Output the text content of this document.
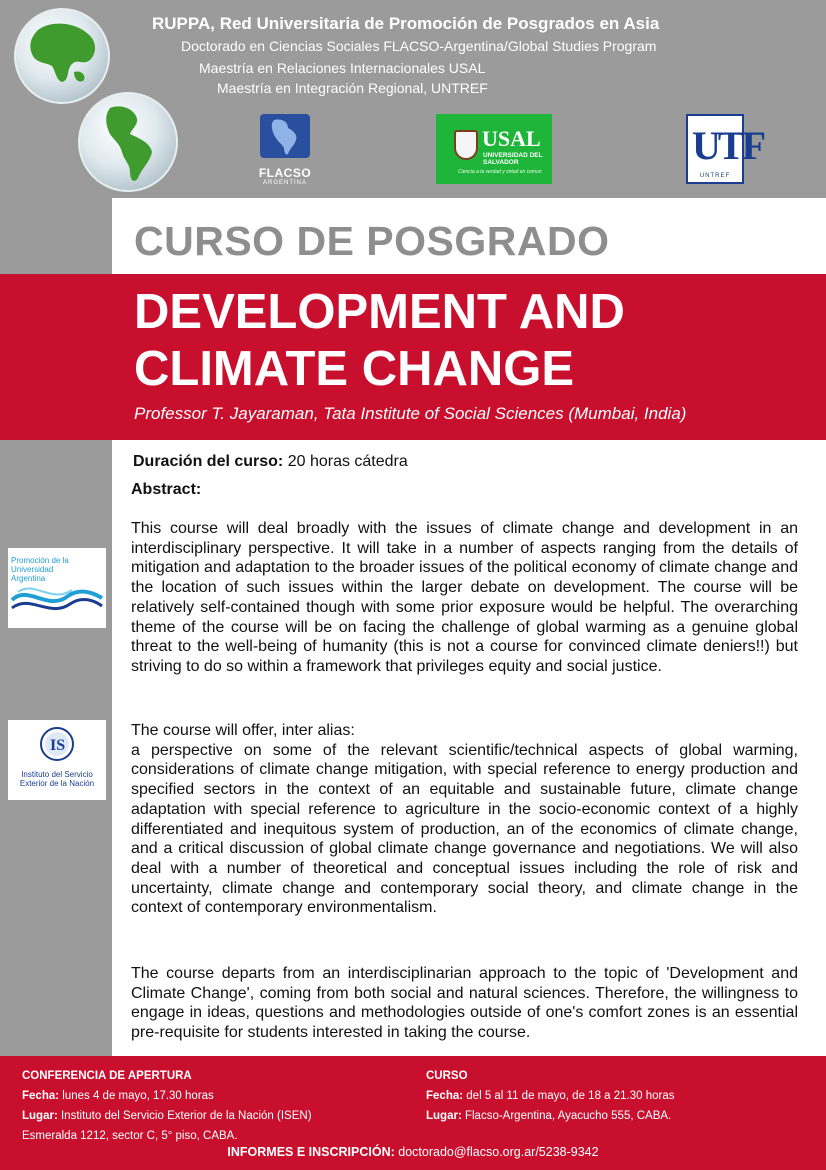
RUPPA, Red Universitaria de Promoción de Posgrados en Asia
Doctorado en Ciencias Sociales FLACSO-Argentina/Global Studies Program
Maestría en Relaciones Internacionales USAL
Maestría en Integración Regional, UNTREF
FLACSO
ARGENTINA
USAL
UNIVERSIDAD DEL SALVADOR
Ciencia a la verdad y virtud en comun
UTF
UNTREF
Promoción de la Universidad Argentina
IS
Instituto del Servicio Exterior de la Nación
CURSO DE POSGRADO
DEVELOPMENT AND
CLIMATE CHANGE
Professor T. Jayaraman, Tata Institute of Social Sciences (Mumbai, India)
Duración del curso: 20 horas cátedra
Abstract:
This course will deal broadly with the issues of climate change and development in an interdisciplinary perspective. It will take in a number of aspects ranging from the details of mitigation and adaptation to the broader issues of the political economy of climate change and the location of such issues within the larger debate on development. The course will be relatively self-contained though with some prior exposure would be helpful. The overarching theme of the course will be on facing the challenge of global warming as a genuine global threat to the well-being of humanity (this is not a course for convinced climate deniers!!) but striving to do so within a framework that privileges equity and social justice.
The course will offer, inter alias:
a perspective on some of the relevant scientific/technical aspects of global warming, considerations of climate change mitigation, with special reference to energy production and specified sectors in the context of an equitable and sustainable future, climate change adaptation with special reference to agriculture in the socio-economic context of a highly differentiated and inequitous system of production, an of the economics of climate change, and a critical discussion of global climate change governance and negotiations. We will also deal with a number of theoretical and conceptual issues including the role of risk and uncertainty, climate change and contemporary social theory, and climate change in the context of contemporary environmentalism.
The course departs from an interdisciplinarian approach to the topic of 'Development and Climate Change', coming from both social and natural sciences. Therefore, the willingness to engage in ideas, questions and methodologies outside of one's comfort zones is an essential pre-requisite for students interested in taking the course.
CONFERENCIA DE APERTURA
Fecha: lunes 4 de mayo, 17.30 horas
Lugar: Instituto del Servicio Exterior de la Nación (ISEN)
Esmeralda 1212, sector C, 5° piso, CABA.
CURSO
Fecha: del 5 al 11 de mayo, de 18 a 21.30 horas
Lugar: Flacso-Argentina, Ayacucho 555, CABA.
INFORMES E INSCRIPCIÓN: doctorado@flacso.org.ar/5238-9342
